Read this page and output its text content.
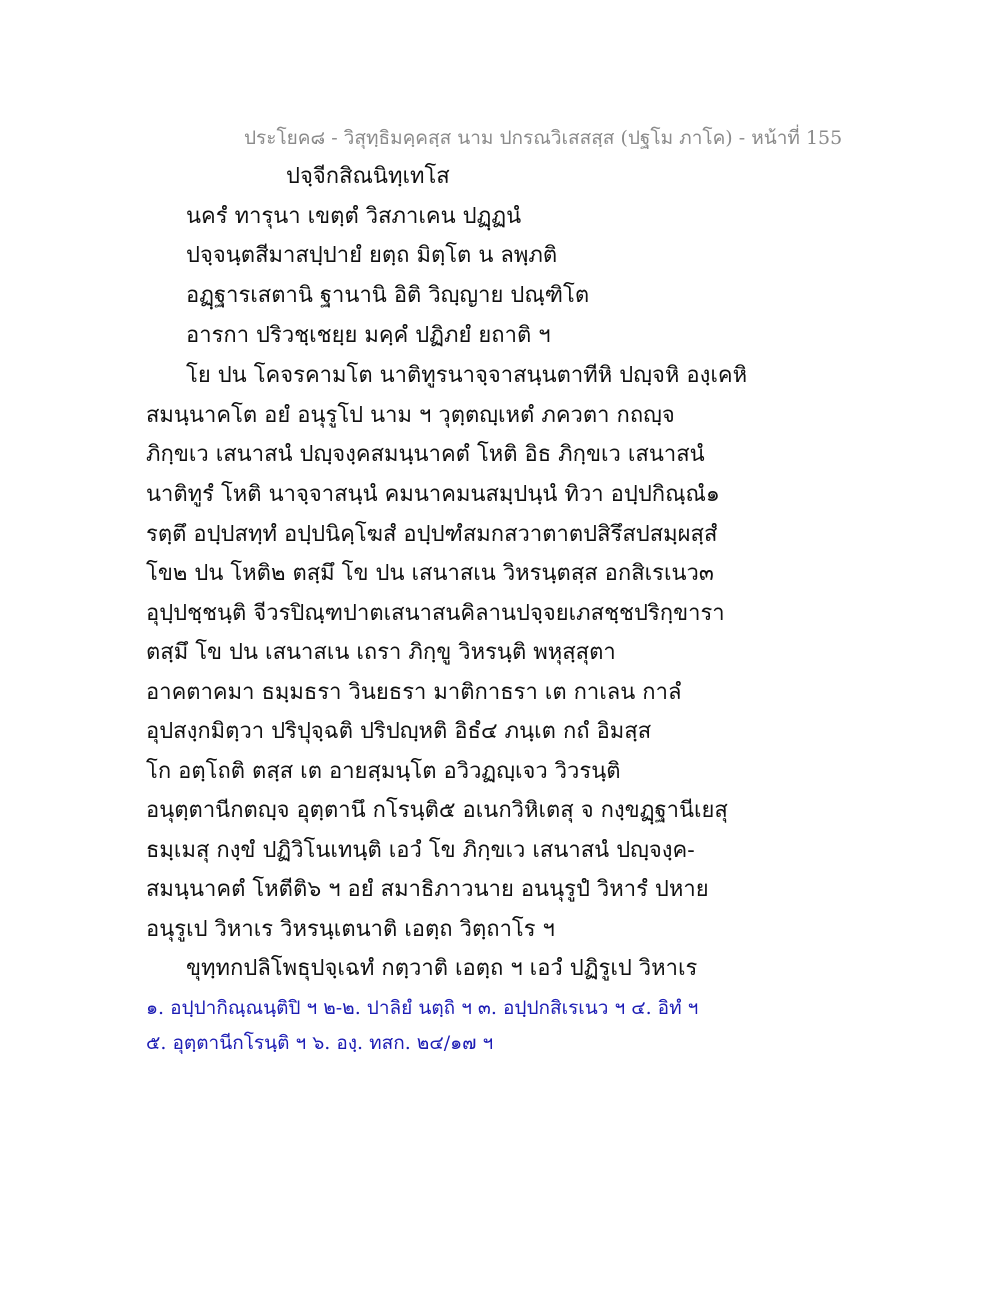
ประโยค๘ - วิสุทฺธิมคฺคสฺส นาม ปกรณวิเสสสฺส (ปฐโม ภาโค) - หน้าที่ 155
ปจฺจีกสิณนิทฺเทโส
นครํ ทารุนา เขตฺตํ วิสภาเคน ปฏฺฏนํ
ปจฺจนฺตสีมาสปฺปายํ ยตฺถ มิตฺโต น ลพฺภติ
อฏฺฐารเสตานิ ฐานานิ อิติ วิญฺญาย ปณฺฑิโต
อารกา ปริวชฺเชยฺย มคฺคํ ปฏิภยํ ยถาติ ฯ
โย ปน โคจรคามโต นาติทูรนาจฺจาสนฺนตาทีหิ ปญฺจหิ องฺเคหิ
สมนฺนาคโต อยํ อนุรูโป นาม ฯ วุตฺตญฺเหตํ ภควตา กถญฺจ
ภิกฺขเว เสนาสนํ ปญฺจงฺคสมนฺนาคตํ โหติ อิธ ภิกฺขเว เสนาสนํ
นาติทูรํ โหติ นาจฺจาสนฺนํ คมนาคมนสมฺปนฺนํ ทิวา อปฺปกิณฺณํ๑
รตฺตึ อปฺปสทฺทํ อปฺปนิคฺโฆสํ อปฺปฑํสมกสวาตาตปสิรึสปสมฺผสฺสํ
โข๒ ปน โหติ๒ ตสฺมึ โข ปน เสนาสเน วิหรนฺตสฺส อกสิเรเนว๓
อุปฺปชฺชนฺติ จีวรปิณฺฑปาตเสนาสนคิลานปจฺจยเภสชฺชปริกฺขารา
ตสฺมึ โข ปน เสนาสเน เถรา ภิกฺขู วิหรนฺติ พหุสฺสุตา
อาคตาคมา ธมฺมธรา วินยธรา มาติกาธรา เต กาเลน กาลํ
อุปสงฺกมิตฺวา ปริปุจฺฉติ ปริปญฺหติ อิธํ๔ ภนฺเต กถํ อิมสฺส
โก อตฺโถติ ตสฺส เต อายสฺมนฺโต อวิวฏญฺเจว วิวรนฺติ
อนุตฺตานีกตญฺจ อุตฺตานึ กโรนฺติ๕ อเนกวิหิเตสุ จ กงฺขฏฺฐานีเยสุ
ธมฺเมสุ กงฺขํ ปฏิวิโนเทนฺติ เอวํ โข ภิกฺขเว เสนาสนํ ปญฺจงฺค-
สมนฺนาคตํ โหตีติ๖ ฯ อยํ สมาธิภาวนาย อนนุรูปํ วิหารํ ปหาย
อนุรูเป วิหาเร วิหรนฺเตนาติ เอตฺถ วิตฺถาโร ฯ
ขุทฺทกปลิโพธุปจฺเฉทํ กตฺวาติ เอตฺถ ฯ เอวํ ปฏิรูเป วิหาเร
๑. อปฺปากิณฺณนฺติปิ ฯ ๒-๒. ปาลิยํ นตฺถิ ฯ ๓. อปฺปกสิเรเนว ฯ ๔. อิทํ ฯ
๕. อุตฺตานีกโรนฺติ ฯ ๖. องฺ. ทสก. ๒๔/๑๗ ฯ
